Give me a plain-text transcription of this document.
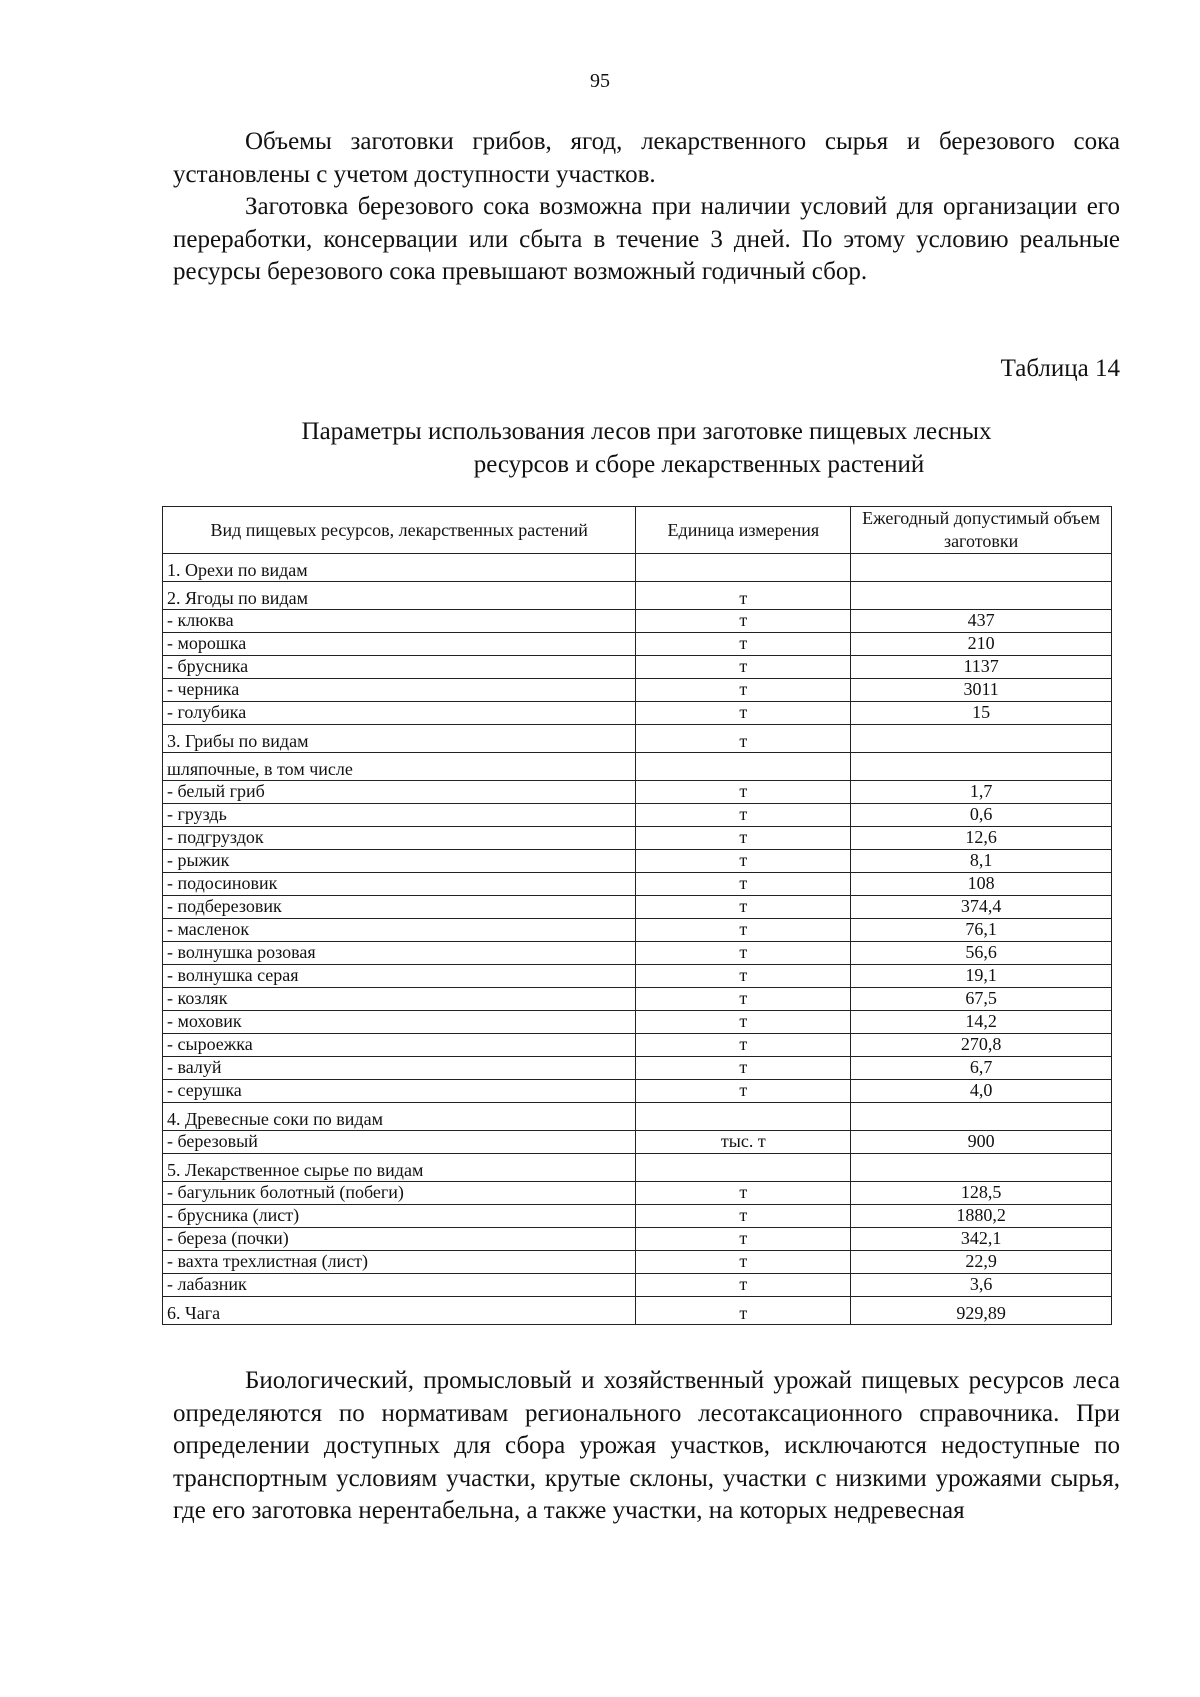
95

Объемы заготовки грибов, ягод, лекарственного сырья и березового сока установлены с учетом доступности участков.

Заготовка березового сока возможна при наличии условий для организации его переработки, консервации или сбыта в течение 3 дней. По этому условию реальные ресурсы березового сока превышают возможный годичный сбор.

Таблица 14
Параметры использования лесов при заготовке пищевых лесных
ресурсов и сборе лекарственных растений
Вид пищевых ресурсов, лекарственных растений	Единица измерения	Ежегодный допустимый объем заготовки
1. Орехи по видам		
2. Ягоды по видам	т	
- клюква	т	437
- морошка	т	210
- брусника	т	1137
- черника	т	3011
- голубика	т	15
3. Грибы по видам	т	
шляпочные, в том числе		
- белый гриб	т	1,7
- груздь	т	0,6
- подгруздок	т	12,6
- рыжик	т	8,1
- подосиновик	т	108
- подберезовик	т	374,4
- масленок	т	76,1
- волнушка розовая	т	56,6
- волнушка серая	т	19,1
- козляк	т	67,5
- моховик	т	14,2
- сыроежка	т	270,8
- валуй	т	6,7
- серушка	т	4,0
4. Древесные соки по видам		
- березовый	тыс. т	900
5. Лекарственное сырье по видам		
- багульник болотный (побеги)	т	128,5
- брусника (лист)	т	1880,2
- береза (почки)	т	342,1
- вахта трехлистная (лист)	т	22,9
- лабазник	т	3,6
6. Чага	т	929,89

Биологический, промысловый и хозяйственный урожай пищевых ресурсов леса определяются по нормативам регионального лесотаксационного справочника. При определении доступных для сбора урожая участков, исключаются недоступные по транспортным условиям участки, крутые склоны, участки с низкими урожаями сырья, где его заготовка нерентабельна, а также участки, на которых недревесная
